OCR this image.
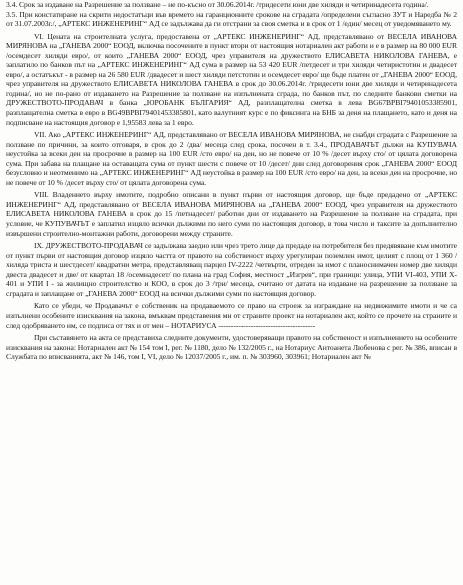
3.4. Срок за издаване на Разрешение за ползване – не по-късно от 30.06.2014г. /тридесети юни две хиляди и четиринадесета година/.

3.5. При констатиране на скрити недостатъци във времето на гаранционните срокове на сградата /определени съгласно ЗУТ и Наредба № 2 от 31.07.2003г./, „АРТЕКС ИНЖЕНЕРИНГ“ АД се задължава да ги отстрани за своя сметка и в срок от 1 /един/ месец от уведомяването му.

VI. Цената на строителната услуга, предоставена от „АРТЕКС ИНЖЕНЕРИНГ“ АД, представлявано от ВЕСЕЛА ИВАНОВА МИРЯНОВА на „ГАНЕВА 2000“ ЕООД, включва посочените в пункт втори от настоящия нотариален акт работи и е в размер на 80 000 EUR /осемдесет хиляди евро/, от които „ГАНЕВА 2000“ ЕООД, чрез управителя на дружеството ЕЛИСАВЕТА НИКОЛОВА ГАНЕВА, е заплатило по банков път на „АРТЕКС ИНЖЕНЕРИНГ“ АД сума в размер на 53 420 EUR /петдесет и три хиляди четиристотин и двадесет евро/, а остатъкът - в размер на 26 580 EUR /двадесет и шест хиляди петстотин и осемдесет евро/ ще бъде платен от „ГАНЕВА 2000“ ЕООД, чрез управителя на дружеството ЕЛИСАВЕТА НИКОЛОВА ГАНЕВА в срок до 30.06.2014г. /тридесети юни две хиляди и четиринадесета година/, но не по-рано от издаването на Разрешение за ползване на изпълнената сграда, по банков път, по следните банкови сметки на ДРУЖЕСТВОТО-ПРОДАВАЧ в банка „ЮРОБАНК БЪЛГАРИЯ“ АД, разплащателна сметка в лева BG67BPBI79401053385901, разплащателна сметка в евро в BG49BPBI79401453385801, като валутният курс е по фиксинга на БНБ за деня на плащането, като и деня на подписване на настоящия договор е 1,95583 лева за 1 евро.

VII. Ако „АРТЕКС ИНЖЕНЕРИНГ“ АД, представлявано от ВЕСЕЛА ИВАНОВА МИРЯНОВА, не снабди сградата с Разрешение за ползване по причини, за които отговаря, в срок до 2 /два/ месеца след срока, посочен в т. 3.4., ПРОДАВАЧЪТ дължи на КУПУВАЧА неустойка за всеки ден на просрочие в размер на 100 EUR /сто евро/ на ден, но не повече от 10 % /десет върху сто/ от цялата договорена сума. При забава на плащане на оставащата сума от пункт шести с повече от 10 /десет/ дни след договорения срок „ГАНЕВА 2000“ ЕООД безусловно и неотменимо на „АРТЕКС ИНЖЕНЕРИНГ“ АД неустойка в размер на 100 EUR /сто евро/ на ден, за всеки ден на просрочие, но не повече от 10 % /десет върху сто/ от цялата договорена сума.

VIII. Владението върху имотите, подробно описани в пункт първи от настоящия договор, ще бъде предадено от „АРТЕКС ИНЖЕНЕРИНГ“ АД, представлявано от ВЕСЕЛА ИВАНОВА МИРЯНОВА на „ГАНЕВА 2000“ ЕООД, чрез управителя на дружеството ЕЛИСАВЕТА НИКОЛОВА ГАНЕВА в срок до 15 /петнадесет/ работни дни от издаването на Разрешение за ползване на сградата, при условие, че КУПУВАЧЪТ е заплатил изцяло всички дължими по него суми по настоящия договор, в това число и таксите за допълнително извършени строително-монтажни работи, договорени между страните.

IX. ДРУЖЕСТВОТО-ПРОДАВАЧ се задължава заедно или чрез трето лице да предаде на потребителя без предявяване към имотите от пункт първи от настоящия договор изцяло частта от правото на собственост върху урегулиран поземлен имот, целият с площ от 1 360 /хиляда триста и шестдесет/ квадратни метра, представляващ парцел IV-2222 /четвърти, отреден за имот с планоснимачен номер две хиляди двеста двадесет и две/ от квартал 18 /осемнадесет/ по плана на град София, местност „Изгрев“, при граници: улица, УПИ VI-403, УПИ X-401 и УПИ I - за жилищно строителство и КОО, в срок до 3 /три/ месеца, считано от датата на издаване на разрешение за ползване за сградата и заплащане от „ГАНЕВА 2000“ ЕООД на всички дължими суми по настоящия договор.

Като се убеди, че Продавачът е собственик на продаваемото се право на строеж за изграждане на недвижимите имоти и че са изпълнени особените изисквания на закона, вмъквам представения ми от страните проект на нотариален акт, който се прочете на страните и след одобряването им, се подписа от тях и от мен – НОТАРИУСА ---------------------------------------

При съставянето на акта се представиха следните документи, удостоверяващи правото на собственост и изпълнението на особените изисквания на закона: Нотариален акт № 154 том I, рег. № 1180, дело № 132/2005 г., на Нотариус Антоанета Любенова с рег. № 386, вписан в Службата по вписванията, акт № 146, том I, VI, дело № 12037/2005 г., им. п. № 303960, 303961; Нотариален акт №
